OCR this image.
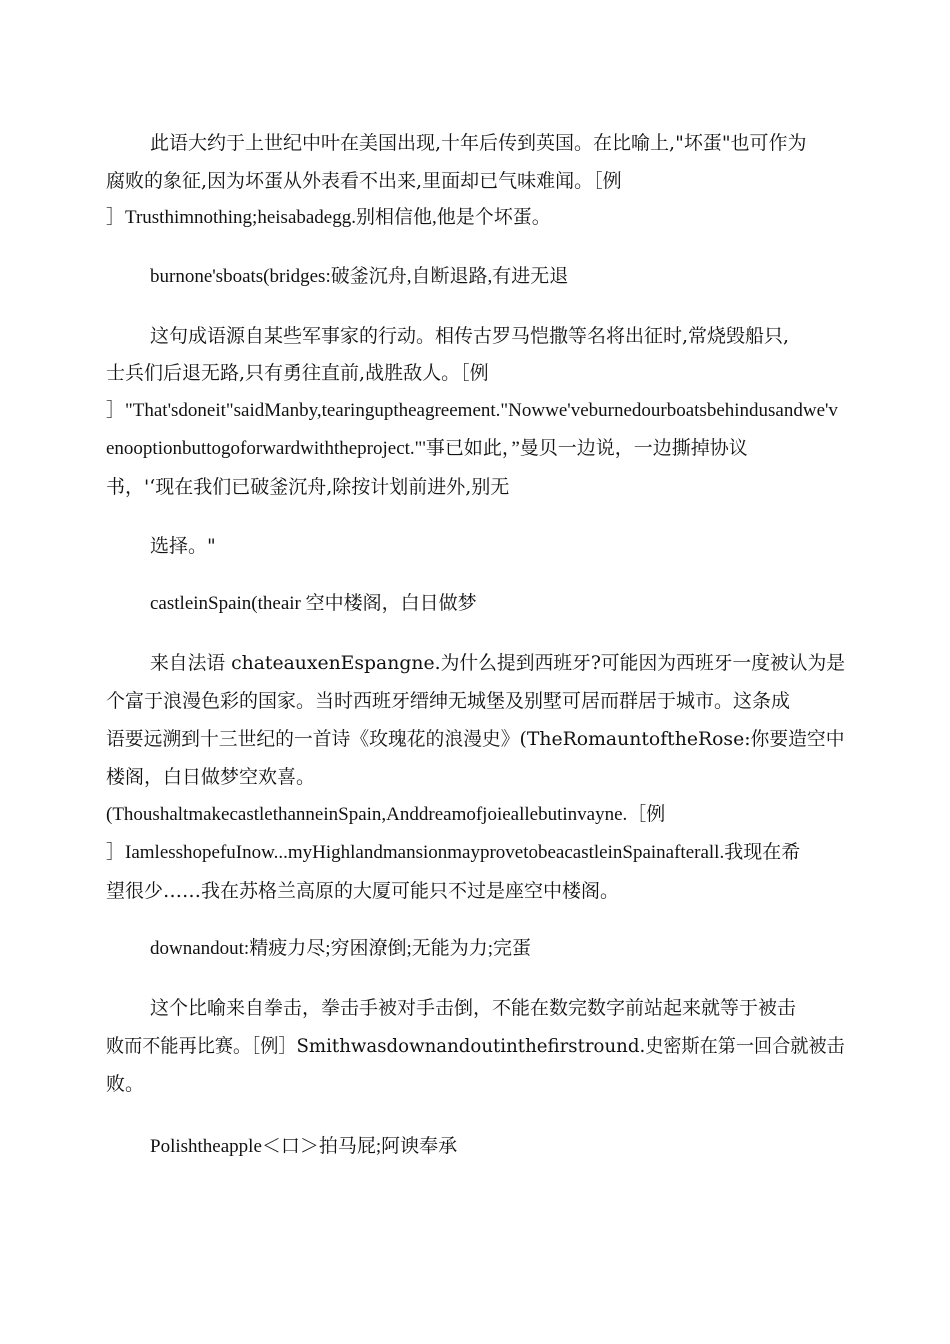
此语大约于上世纪中叶在美国出现,十年后传到英国。在比喻上,"坏蛋"也可作为
腐败的象征,因为坏蛋从外表看不出来,里面却已气味难闻。［例
］Trusthimnothing;heisabadegg.别相信他,他是个坏蛋。
burnone'sboats(bridges:破釜沉舟,自断退路,有进无退
这句成语源自某些军事家的行动。相传古罗马恺撒等名将出征时,常烧毁船只,
士兵们后退无路,只有勇往直前,战胜敌人。［例
］"That'sdoneit"saidManby,tearinguptheagreement."Nowwe'veburnedourboatsbehindusandwe'v
enooptionbuttogoforwardwiththeproject."'事已如此，”曼贝一边说，一边撕掉协议
书，'‘现在我们已破釜沉舟,除按计划前进外,别无
选择。"
castleinSpain(theair 空中楼阁，白日做梦
来自法语 chateauxenEspangne.为什么提到西班牙?可能因为西班牙一度被认为是
个富于浪漫色彩的国家。当时西班牙缙绅无城堡及别墅可居而群居于城市。这条成
语要远溯到十三世纪的一首诗《玫瑰花的浪漫史》(TheRomauntoftheRose:你要造空中
楼阁，白日做梦空欢喜。
(ThoushaltmakecastlethanneinSpain,Anddreamofjoieallebutinvayne.［例
］IamlesshopefuInow...myHighlandmansionmayprovetobeacastleinSpainafterall.我现在希
望很少……我在苏格兰高原的大厦可能只不过是座空中楼阁。
downandout:精疲力尽;穷困潦倒;无能为力;完蛋
这个比喻来自拳击，拳击手被对手击倒，不能在数完数字前站起来就等于被击
败而不能再比赛。［例］Smithwasdownandoutinthefirstround.史密斯在第一回合就被击
败。
Polishtheapple＜口＞拍马屁;阿谀奉承
